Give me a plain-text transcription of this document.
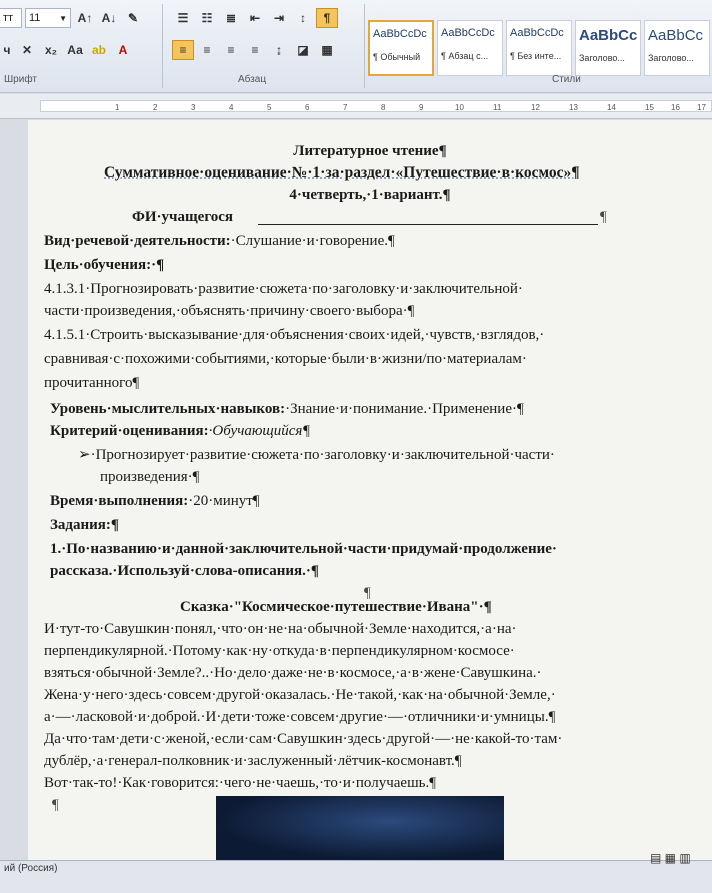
тт	11 ▼ A↑ A↓ ✎
ч ✕	x₂ Аа ab	A
Шрифт
☰	☷	≣	⇤	⇥	↕	¶
≡	≡	≡	≡	↨	◪	▦
Абзац
AaBbCcDc
¶ Обычный
AaBbCcDc
¶ Абзац с...
AaBbCcDc
¶ Без инте...
AaBbCc
Заголово...
AaBbCc
Заголово...
Стили
1	2	3	4	5	6	7	8	9	10	11	12	13	14	15 16 17
Литературное чтение¶
Суммативное·оценивание·№·1·за·раздел·«Путешествие·в·космос»¶
4·четверть,·1·вариант.¶
ФИ·учащегося	¶
Вид·речевой·деятельности:·Слушание·и·говорение.¶
Цель·обучения:·¶
4.1.3.1·Прогнозировать·развитие·сюжета·по·заголовку·и·заключительной·
части·произведения,·объяснять·причину·своего·выбора·¶
4.1.5.1·Строить·высказывание·для·объяснения·своих·идей,·чувств,·взглядов,·
сравнивая·с·похожими·событиями,·которые·были·в·жизни/по·материалам·
прочитанного¶
Уровень·мыслительных·навыков:·Знание·и·понимание.·Применение·¶
Критерий·оценивания:·Обучающийся¶
➢·Прогнозирует·развитие·сюжета·по·заголовку·и·заключительной·части·
произведения·¶
Время·выполнения:·20·минут¶
Задания:¶
1.·По·названию·и·данной·заключительной·части·придумай·продолжение·
рассказа.·Используй·слова-описания.·¶
¶
Сказка·"Космическое·путешествие·Ивана"·¶
И·тут-то·Савушкин·понял,·что·он·не·на·обычной·Земле·находится,·а·на·
перпендикулярной.·Потому·как·ну·откуда·в·перпендикулярном·космосе·
взяться·обычной·Земле?..·Но·дело·даже·не·в·космосе,·а·в·жене·Савушкина.·
Жена·у·него·здесь·совсем·другой·оказалась.·Не·такой,·как·на·обычной·Земле,·
а·—·ласковой·и·доброй.·И·дети·тоже·совсем·другие·—·отличники·и·умницы.¶
Да·что·там·дети·с·женой,·если·сам·Савушкин·здесь·другой·—·не·какой-то·там·
дублёр,·а·генерал-полковник·и·заслуженный·лётчик-космонавт.¶
Вот·так-то!·Как·говорится:·чего·не·чаешь,·то·и·получаешь.¶
¶
ий (Россия)
▤ ▦ ▥
